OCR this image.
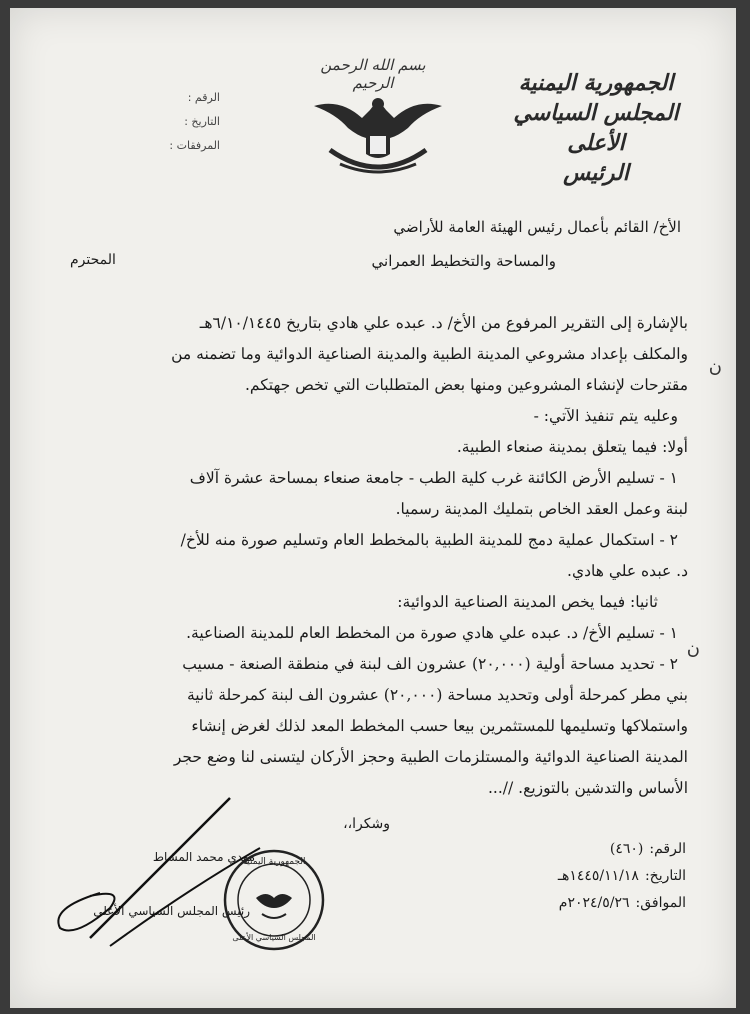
الجمهورية اليمنية
المجلس السياسي الأعلى
الرئيس
بسم الله الرحمن الرحيم
الرقم :
التاريخ :
المرفقات :
الأخ/ القائم بأعمال رئيس الهيئة العامة للأراضي
والمساحة والتخطيط العمراني
المحترم

بالإشارة إلى التقرير المرفوع من الأخ/ د. عبده علي هادي بتاريخ ٦/١٠/١٤٤٥هـ

والمكلف بإعداد مشروعي المدينة الطبية والمدينة الصناعية الدوائية وما تضمنه من

مقترحات لإنشاء المشروعين ومنها بعض المتطلبات التي تخص جهتكم.

وعليه يتم تنفيذ الآتي: -

أولا: فيما يتعلق بمدينة صنعاء الطبية.

١ - تسليم الأرض الكائنة غرب كلية الطب - جامعة صنعاء بمساحة عشرة آلاف

لبنة وعمل العقد الخاص بتمليك المدينة رسميا.

٢ - استكمال عملية دمج للمدينة الطبية بالمخطط العام وتسليم صورة منه للأخ/

د. عبده علي هادي.

ثانيا: فيما يخص المدينة الصناعية الدوائية:

١ - تسليم الأخ/ د. عبده علي هادي صورة من المخطط العام للمدينة الصناعية.

٢ - تحديد مساحة أولية (٢٠,٠٠٠) عشرون الف لبنة في منطقة الصنعة - مسيب

بني مطر كمرحلة أولى وتحديد مساحة (٢٠,٠٠٠) عشرون الف لبنة كمرحلة ثانية

واستملاكها وتسليمها للمستثمرين بيعا حسب المخطط المعد لذلك لغرض إنشاء

المدينة الصناعية الدوائية والمستلزمات الطبية وحجز الأركان ليتسنى لنا وضع حجر

الأساس والتدشين بالتوزيع. //...

وشكرا،،
الرقم:
(٤٦٠)
التاريخ:
١٤٤٥/١١/١٨هـ
الموافق:
٢٠٢٤/٥/٢٦م
مهدي محمد المشاط
رئيس المجلس السياسي الأعلى
الجمهورية اليمنية
المجلس السياسي الأعلى
ن
ن
